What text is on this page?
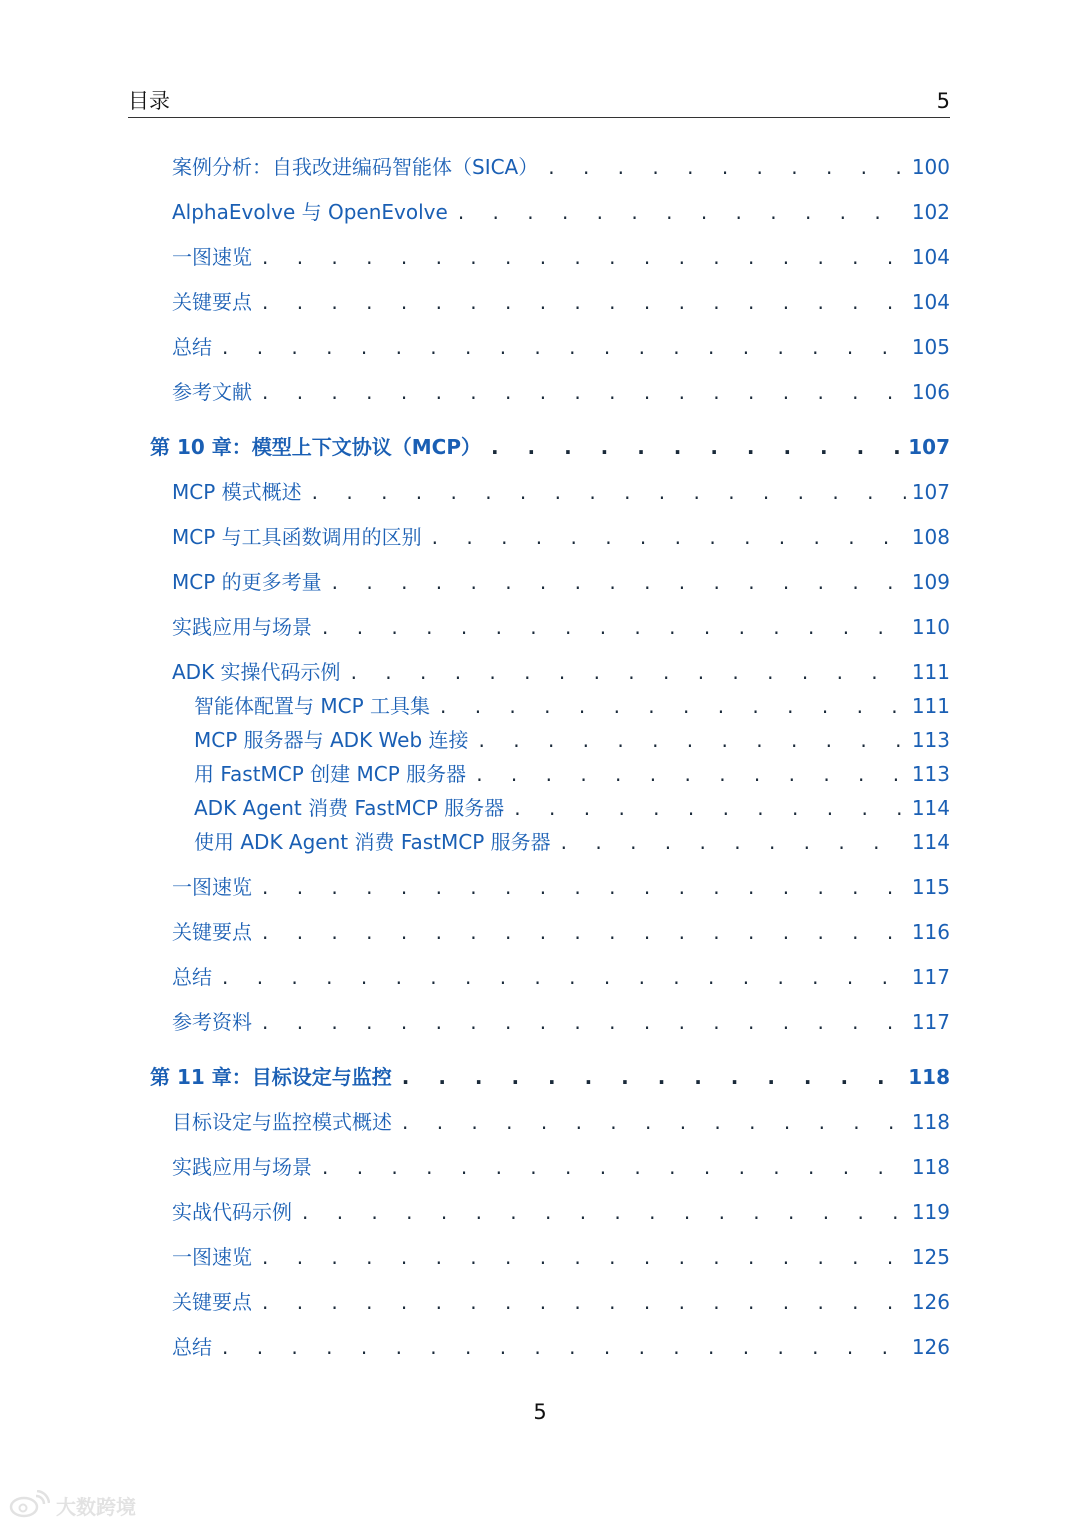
目录	5
案例分析：自我改进编码智能体（SICA） . . .	100
AlphaEvolve 与 OpenEvolve . . .	102
一图速览 . . .	104
关键要点 . . .	104
总结 . . .	105
参考文献 . . .	106
第 10 章：模型上下文协议（MCP） . . .	107
MCP 模式概述 . . .	107
MCP 与工具函数调用的区别 . . .	108
MCP 的更多考量 . . .	109
实践应用与场景 . . .	110
ADK 实操代码示例 . . .	111
智能体配置与 MCP 工具集 . . .	111
MCP 服务器与 ADK Web 连接 . . .	113
用 FastMCP 创建 MCP 服务器 . . .	113
ADK Agent 消费 FastMCP 服务器 . . .	114
使用 ADK Agent 消费 FastMCP 服务器 . . .	114
一图速览 . . .	115
关键要点 . . .	116
总结 . . .	117
参考资料 . . .	117
第 11 章：目标设定与监控 . . .	118
目标设定与监控模式概述 . . .	118
实践应用与场景 . . .	118
实战代码示例 . . .	119
一图速览 . . .	125
关键要点 . . .	126
总结 . . .	126
5
大数跨境
